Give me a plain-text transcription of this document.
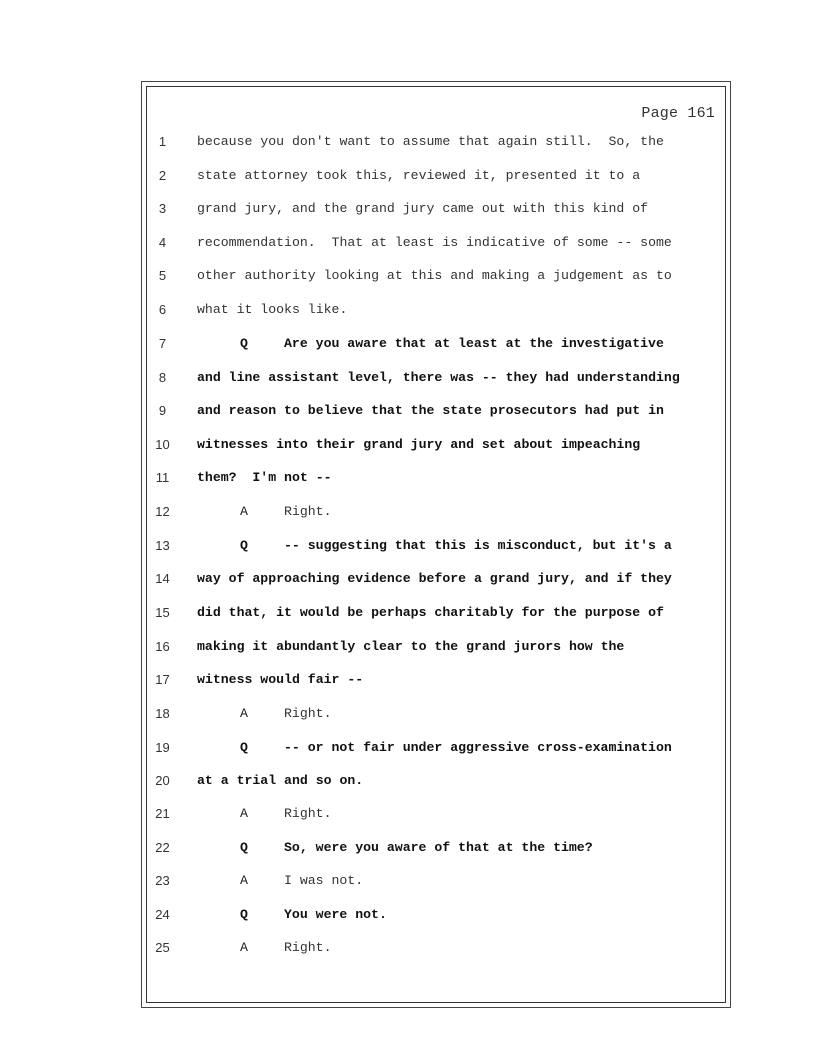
Page 161
1	because you don't want to assume that again still.  So, the
2	state attorney took this, reviewed it, presented it to a
3	grand jury, and the grand jury came out with this kind of
4	recommendation.  That at least is indicative of some -- some
5	other authority looking at this and making a judgement as to
6	what it looks like.
7	Q	Are you aware that at least at the investigative
8	and line assistant level, there was -- they had understanding
9	and reason to believe that the state prosecutors had put in
10	witnesses into their grand jury and set about impeaching
11	them?  I'm not --
12	A	Right.
13	Q	-- suggesting that this is misconduct, but it's a
14	way of approaching evidence before a grand jury, and if they
15	did that, it would be perhaps charitably for the purpose of
16	making it abundantly clear to the grand jurors how the
17	witness would fair --
18	A	Right.
19	Q	-- or not fair under aggressive cross-examination
20	at a trial and so on.
21	A	Right.
22	Q	So, were you aware of that at the time?
23	A	I was not.
24	Q	You were not.
25	A	Right.
